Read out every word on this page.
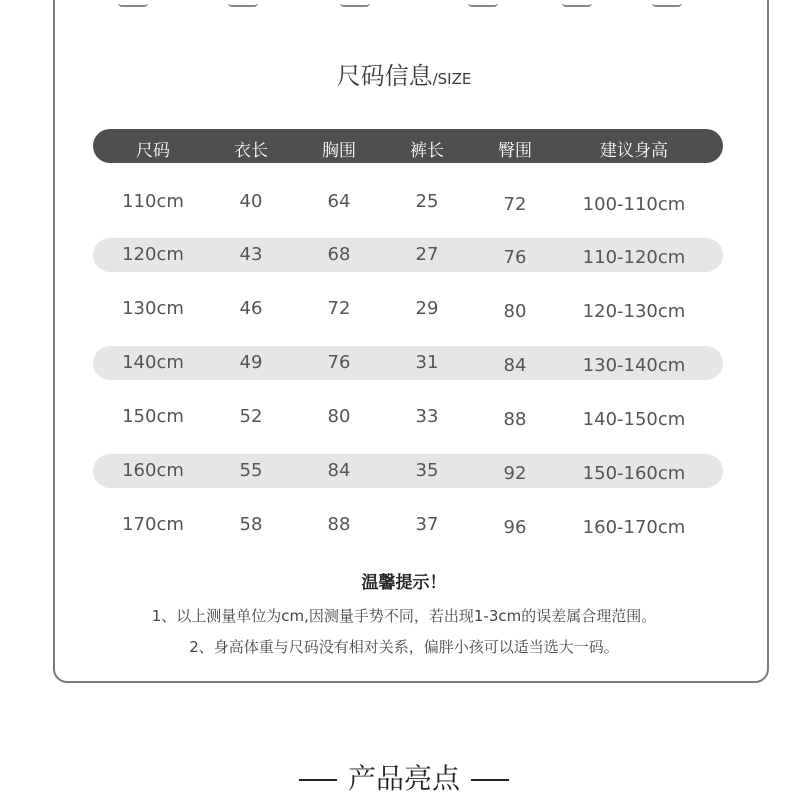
尺码信息/SIZE
尺码	衣长	胸围	裤长	臀围	建议身高
110cm	40	64	25	72	100-110cm
120cm	43	68	27	76	110-120cm
130cm	46	72	29	80	120-130cm
140cm	49	76	31	84	130-140cm
150cm	52	80	33	88	140-150cm
160cm	55	84	35	92	150-160cm
170cm	58	88	37	96	160-170cm
温馨提示！
1、以上测量单位为cm,因测量手势不同，若出现1-3cm的误差属合理范围。
2、身高体重与尺码没有相对关系，偏胖小孩可以适当选大一码。
产品亮点
